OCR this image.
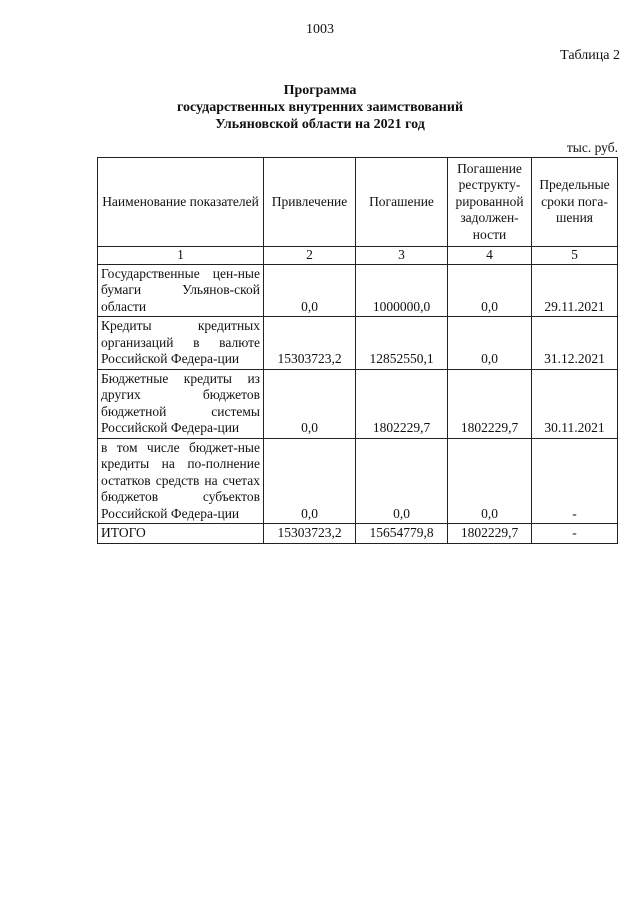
1003
Таблица 2
Программа
государственных внутренних заимствований
Ульяновской области на 2021 год
тыс. руб.
Наименование показателей	Привлечение	Погашение	Погашение реструкту-рированной задолжен-ности	Предельные сроки пога-шения
1	2	3	4	5
Государственные цен-ные бумаги Ульянов-ской области	0,0	1000000,0	0,0	29.11.2021
Кредиты кредитных организаций в валюте Российской Федера-ции	15303723,2	12852550,1	0,0	31.12.2021
Бюджетные кредиты из других бюджетов бюджетной системы Российской Федера-ции	0,0	1802229,7	1802229,7	30.11.2021
в том числе бюджет-ные кредиты на по-полнение остатков средств на счетах бюджетов субъектов Российской Федера-ции	0,0	0,0	0,0	-
ИТОГО	15303723,2	15654779,8	1802229,7	-
